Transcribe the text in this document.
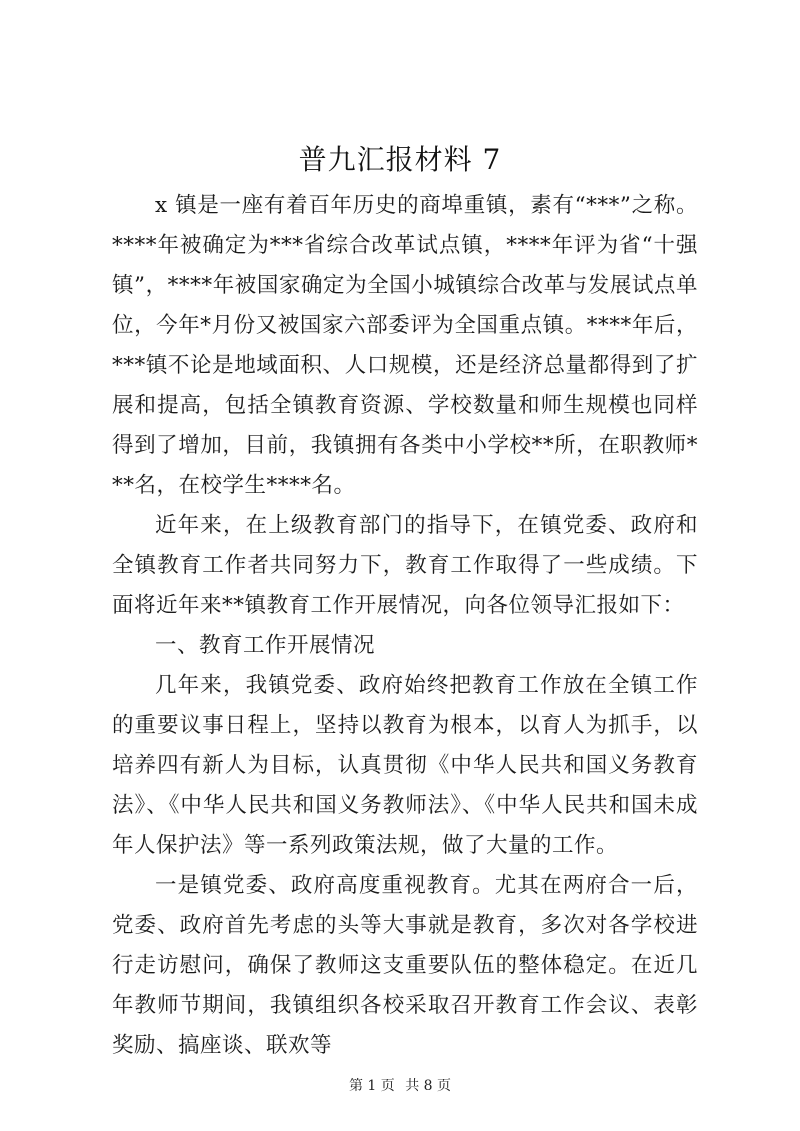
普九汇报材料 7

x 镇是一座有着百年历史的商埠重镇，素有“***”之称。****年被确定为***省综合改革试点镇，****年评为省“十强镇”，****年被国家确定为全国小城镇综合改革与发展试点单位，今年*月份又被国家六部委评为全国重点镇。****年后，***镇不论是地域面积、人口规模，还是经济总量都得到了扩展和提高，包括全镇教育资源、学校数量和师生规模也同样得到了增加，目前，我镇拥有各类中小学校**所，在职教师***名，在校学生****名。

近年来，在上级教育部门的指导下，在镇党委、政府和全镇教育工作者共同努力下，教育工作取得了一些成绩。下面将近年来**镇教育工作开展情况，向各位领导汇报如下：

一、教育工作开展情况

几年来，我镇党委、政府始终把教育工作放在全镇工作的重要议事日程上，坚持以教育为根本，以育人为抓手，以培养四有新人为目标，认真贯彻《中华人民共和国义务教育法》、《中华人民共和国义务教师法》、《中华人民共和国未成年人保护法》等一系列政策法规，做了大量的工作。

一是镇党委、政府高度重视教育。尤其在两府合一后，党委、政府首先考虑的头等大事就是教育，多次对各学校进行走访慰问，确保了教师这支重要队伍的整体稳定。在近几年教师节期间，我镇组织各校采取召开教育工作会议、表彰奖励、搞座谈、联欢等

第 1 页 共 8 页
